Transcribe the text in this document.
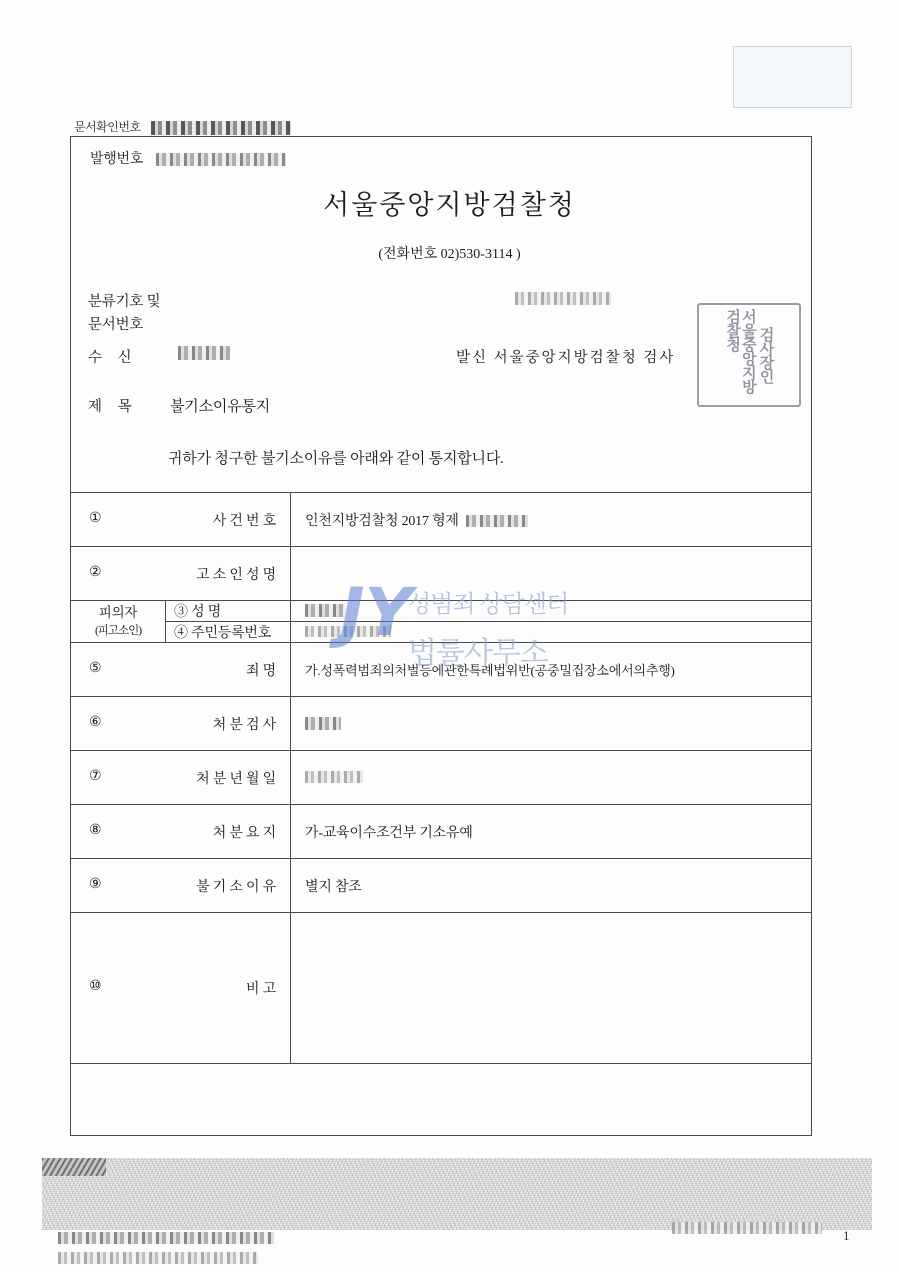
문서확인번호
발행번호
서울중앙지방검찰청
(전화번호 02)530-3114 )
분류기호 및
문서번호
수 신	발신 서울중앙지방검찰청 검사	서울중앙지방검찰청	검사장인
제 목 불기소이유통지
귀하가 청구한 불기소이유를 아래와 같이 통지합니다.
① 사 건 번 호		인천지방검찰청 2017 형제

② 고 소 인 성 명		

피의자
(피고소인)	③ 성 명	

	④ 주민등록번호	

⑤ 죄 명		가.성폭력범죄의처벌등에관한특례법위반(공중밀집장소에서의추행)

⑥ 처 분 검 사		

⑦ 처 분 년 월 일		

⑧ 처 분 요 지		가-교육이수조건부 기소유예

⑨ 불 기 소 이 유		별지 참조

⑩ 비 고		

JY
성범죄 상담센터
법률사무소
1
